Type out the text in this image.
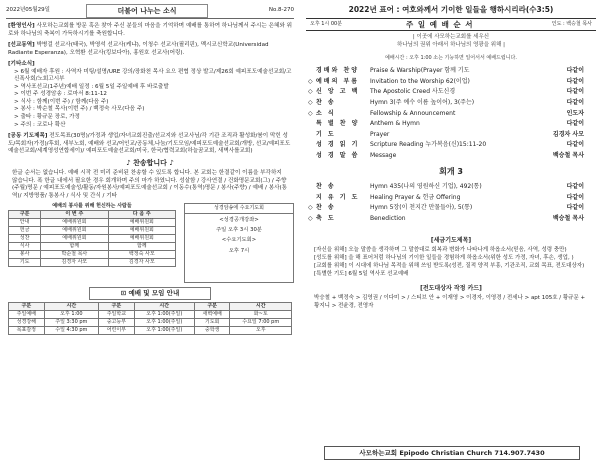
2022년05월29일	더불어 나누는 소식	No.8-270
[환영인사] 사모하는교회를 방문 혹은 찾아 주신 분들의 마음을 기억하며 예배를 통하여 하나님께서 주시는 은혜와 위로와 하나님의 축복이 가득하시기를 축원합니다.
[선교동역] 박병걸 선교사(태국), 박영석 선교사(케냐), 이청수 선교사(필리핀), 멕시코신학교(Universidad Radiante Esperanza), 오혁환 선교사(킹보다아), 홍원호 선교사(어링).
[기타소식]
> 6월 예배자 후원 : 사역자 미팅/설명/URE 강의/장화천 목사 요으 편협 정상 발고/제26회 예피포도예술선교회/고신폭사회/노회고시부
> 역사포선교(1주년)예배 일정 : 6월 5일 주일예배 후 바로출발
> 이번 주 성경암송 : 로마서 8:11-12
> 식사 : 함께(이번 주) / 함께(다음 주)
> 봉사 : 박순철 목사(이번 주) / 백정숙 사모(다음 주)
> 출타 : 황규문 장로, 가정
> 주의 : 코로나 확산
[공동 기도제목] 전도목표(30명)/가정과 생업/자녀교회진출/선교지와 선교사님/각 기관 조직과 활성화/붐이 막힌 성도/목회자(가정)/후회, 새부노회, 예배와 선교/어인교/공동체,나눔/기도모임/예피포도예술선교회/개방, 선교/예피포도예술선교회/세계영성연합세이)/ 예피포도예술선교회/미국, 한국/협력교회(하늘꿈교회, 새벽사를교회)
♪ 찬송합니다 ♪
한글 순서는 없습니다. 예배 시작 전 미리 준비된 찬송할 수 있도록 합니다. 본 교회는 한결같이 이름을 부각하지 않습니다. 폭 한글 내에서 필요한 경우 회개하며 주의 마가 하였니다. 성살함 / 강사연결 / 건화명문교회(그) / 주향(주월)명문 / 예피포도예술성/활동/자원봉사/예피포도예술선교회 / 이동수(통역)명문 / 봉사(주향) / 예배 / 봉사(통역)/ 지방명품/ 통봉사 / 식사 및 간식 / 기타
예배의 봉사를 위해 헌신하는 사람들
구분	이 번 주	다 음 주
안내	예배위원회	예배위원회
헌금	예배위원회	예배위원회
성찬	예배위원회	예배위원회
식사	함께	함께
봉사	박순철 목사	백정숙 사모
기도	김경자 사모	김경자 사모
성경암송에 수요기도회
<성경공개강좌>
주일 오후 3시 30분
<수요기도회>
오후 7시
⊡ 예배 및 모임 안내
구분	시간	구분	시간	구분	시간
주일예배	오후 1:00	주일학교	오후 1:00(주일)	새벽예배	화~토
성경강해	주일 3:30 pm	중고등부	오후 1:00(주일)	기도회	수요일 7:00 pm
목표감정	수일 4:30 pm	어린이부	오후 1:00(주일)	중학생	오후
2022년 표어 : 여호와께서 기이한 일들을 행하시리라(수3:5)
오후 1시 00분	주 일 예 배 순 서	인도 : 백승철 목사
| 이곳에 사모하는교회를 세우신
하나님의 권위 아래서 하나님의 영광을 위해 |
예배시간 : 오후 1:00 소는 기능하면 일어서서 예배드립니다.
경배와 찬양 Praise & Warship(Prayer 함께 기도	다같이
◇ 예배의 부름 Invitation to the Worship 62(이업)	다같이
◇ 신 앙 고 백 The Apostolic Creed 사도신경	다같이
◇ 찬 송	Hymn 3(주 예수 이름 높이어), 3(주는)	다같이
◇ 소 식	Fellowship & Announcement	인도자
특 별 찬 양 Anthem & Hymn	다같이
기 도	Prayer	김경자 사모
성 경 읽 기 Scripture Reading 누가복음(신)15:11-20	다같이
성 경 말 씀 Message	백승철 목사
회개 3
찬 송	Hymn 435(나의 영원하신 기업), 492(통)	다같이
지 유 기 도 Healing Prayer & 헌금 Offering	다같이
◇ 찬 송	Hymn 5장(이 천지간 만물들아), 5(통)	다같이
◇ 축 도	Benediction	백승철 목사
[세금기도제목]
[자신을 위해] 오늘 말씀을 생각하며 그 말씀대로 회복과 변화가 나타나게 하옵소서(믿음, 사역, 성령 충만)
[성도를 위해] 을 해 표어처럼 하나님의 기이한 일들을 경험하게 하옵소서(위한 성도 가정, 자녀, 후손, 생업, )
[교회를 위해] 이 시대에 하나님 목적을 위해 쓰임 받도록(성전, 질적 양적 부흥, 기관조직, 교회 목표, 전도대상자)
[특별한 기도] 6월 5일 역사포 선교예배
[전도대상자 작정 카드]
박승철 + 백정숙 > 김영권 / 이다미 > / 스티브 안 + 이재영 > 이경자, 이영경 / 전세나 > apt 105호 / 황규문 + 황지니 > 전윤경, 전영자
사모하는교회 Epipodo Christian Church 714.907.7430
